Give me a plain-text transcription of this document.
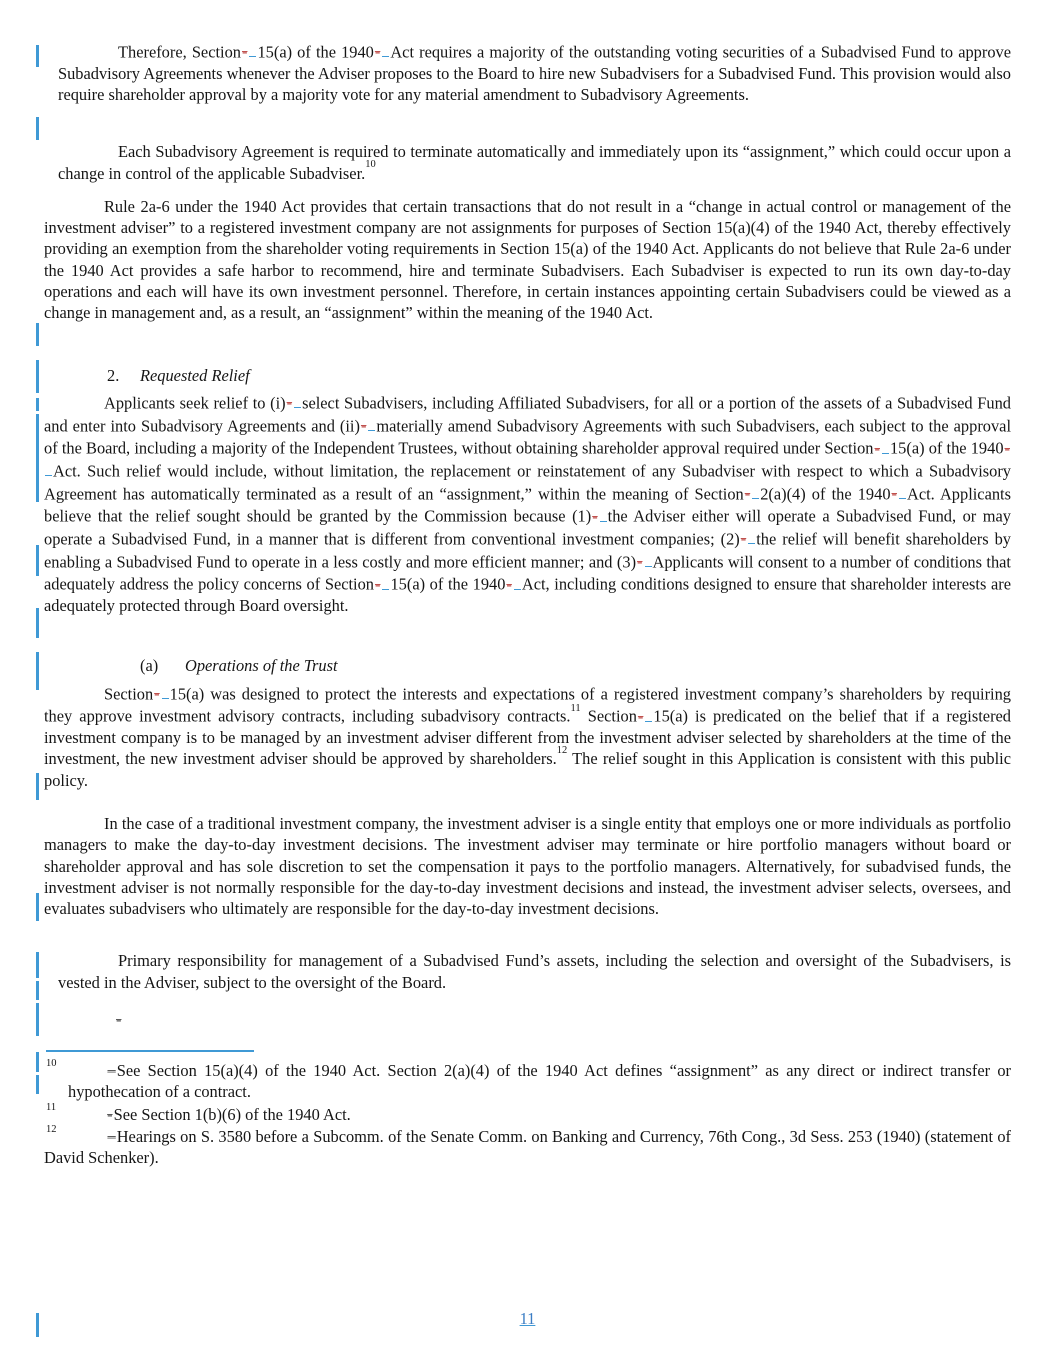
Therefore, Section- 15(a) of the 1940- Act requires a majority of the outstanding voting securities of a Subadvised Fund to approve Subadvisory Agreements whenever the Adviser proposes to the Board to hire new Subadvisers for a Subadvised Fund. This provision would also require shareholder approval by a majority vote for any material amendment to Subadvisory Agreements.

Each Subadvisory Agreement is required to terminate automatically and immediately upon its “assignment,” which could occur upon a change in control of the applicable Subadviser.$^{10}$

Rule 2a-6 under the 1940 Act provides that certain transactions that do not result in a “change in actual control or management of the investment adviser” to a registered investment company are not assignments for purposes of Section 15(a)(4) of the 1940 Act, thereby effectively providing an exemption from the shareholder voting requirements in Section 15(a) of the 1940 Act. Applicants do not believe that Rule 2a-6 under the 1940 Act provides a safe harbor to recommend, hire and terminate Subadvisers. Each Subadviser is expected to run its own day-to-day operations and each will have its own investment personnel. Therefore, in certain instances appointing certain Subadvisers could be viewed as a change in management and, as a result, an “assignment” within the meaning of the 1940 Act.

2. Requested Relief

Applicants seek relief to (i)- select Subadvisers, including Affiliated Subadvisers, for all or a portion of the assets of a Subadvised Fund and enter into Subadvisory Agreements and (ii)- materially amend Subadvisory Agreements with such Subadvisers, each subject to the approval of the Board, including a majority of the Independent Trustees, without obtaining shareholder approval required under Section- 15(a) of the 1940-Act. Such relief would include, without limitation, the replacement or reinstatement of any Subadviser with respect to which a Subadvisory Agreement has automatically terminated as a result of an “assignment,” within the meaning of Section- 2(a)(4) of the 1940- Act. Applicants believe that the relief sought should be granted by the Commission because (1)- the Adviser either will operate a Subadvised Fund, or may operate a Subadvised Fund, in a manner that is different from conventional investment companies; (2)- the relief will benefit shareholders by enabling a Subadvised Fund to operate in a less costly and more efficient manner; and (3)- Applicants will consent to a number of conditions that adequately address the policy concerns of Section- 15(a) of the 1940- Act, including conditions designed to ensure that shareholder interests are adequately protected through Board oversight.

(a) Operations of the Trust

Section- 15(a) was designed to protect the interests and expectations of a registered investment company’s shareholders by requiring they approve investment advisory contracts, including subadvisory contracts.$^{11}$ Section- 15(a) is predicated on the belief that if a registered investment company is to be managed by an investment adviser different from the investment adviser selected by shareholders at the time of the investment, the new investment adviser should be approved by shareholders.$^{12}$ The relief sought in this Application is consistent with this public policy.

In the case of a traditional investment company, the investment adviser is a single entity that employs one or more individuals as portfolio managers to make the day-to-day investment decisions. The investment adviser may terminate or hire portfolio managers without board or shareholder approval and has sole discretion to set the compensation it pays to the portfolio managers. Alternatively, for subadvised funds, the investment adviser is not normally responsible for the day-to-day investment decisions and instead, the investment adviser selects, oversees, and evaluates subadvisers who ultimately are responsible for the day-to-day investment decisions.

Primary responsibility for management of a Subadvised Fund’s assets, including the selection and oversight of the Subadvisers, is vested in the Adviser, subject to the oversight of the Board.

-

$^{10}$	–See Section 15(a)(4) of the 1940 Act. Section 2(a)(4) of the 1940 Act defines “assignment” as any direct or indirect transfer or hypothecation of a contract.

$^{11}$	-See Section 1(b)(6) of the 1940 Act.

$^{12}$	–Hearings on S. 3580 before a Subcomm. of the Senate Comm. on Banking and Currency, 76th Cong., 3d Sess. 253 (1940) (statement of David Schenker).

11
